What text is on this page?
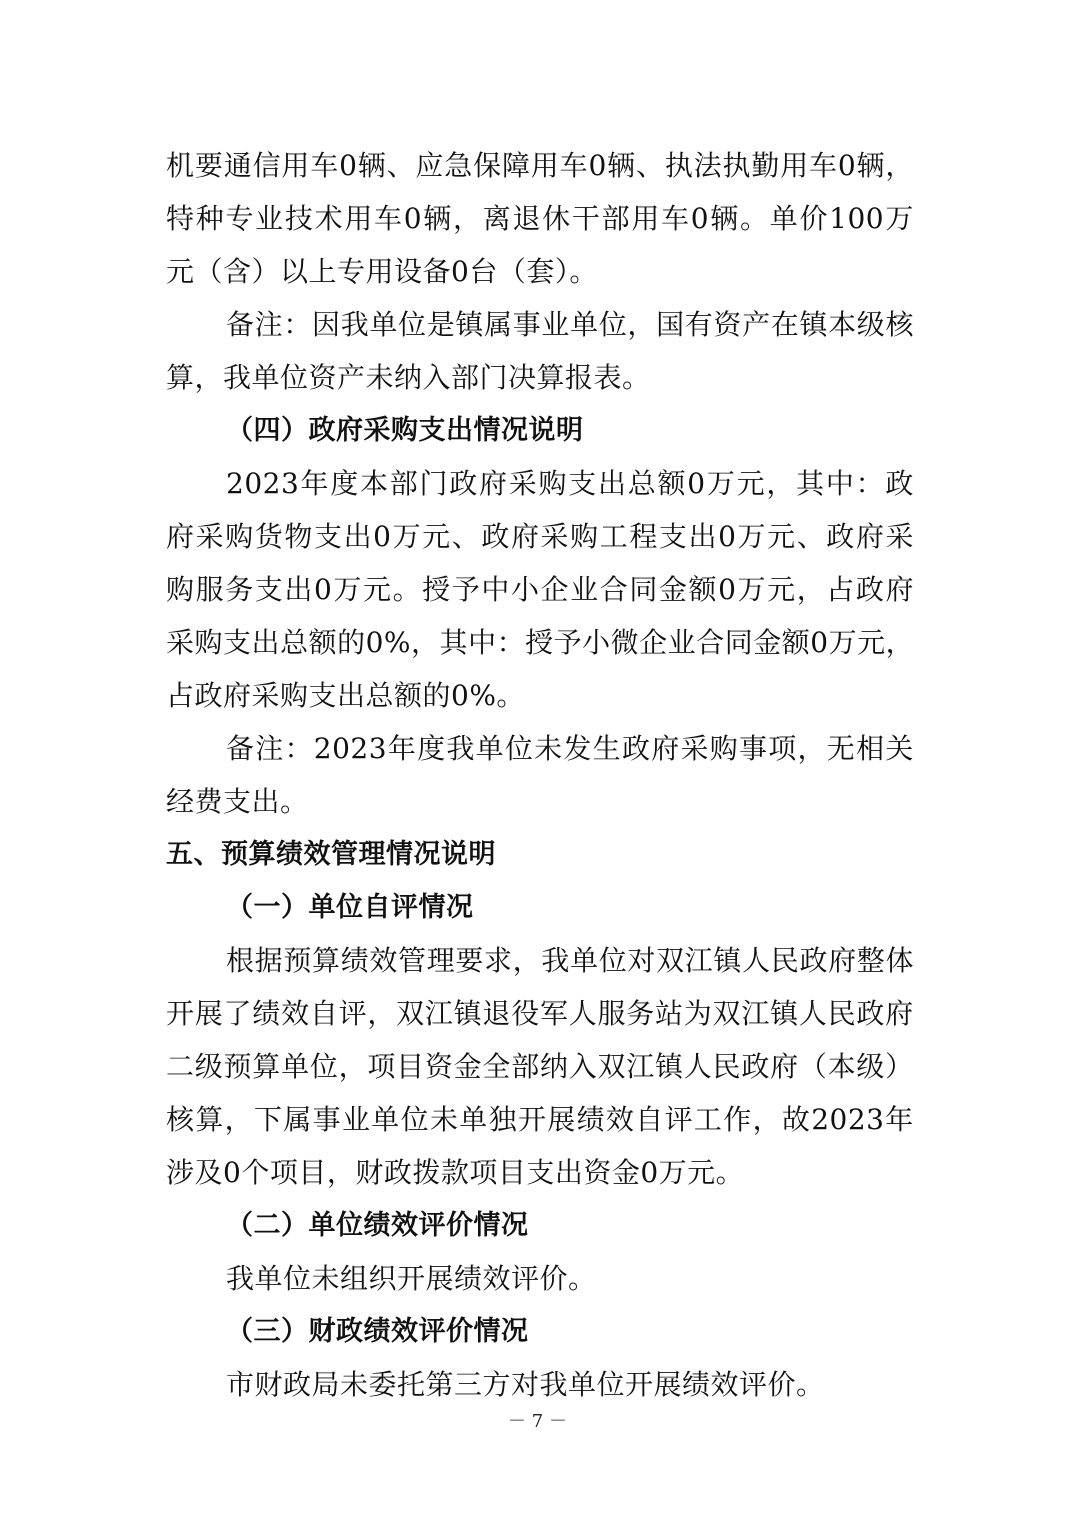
机 要 通 信 用 车 0 辆 、 应 急 保 障 用 车 0 辆 、 执 法 执 勤 用 车 0 辆 ，
特 种 专 业 技 术 用 车 0 辆 ， 离 退 休 干 部 用 车 0 辆 。 单 价 100 万
元（含）以上专用设备0台（套）。
备 注 ： 因 我 单 位 是 镇 属 事 业 单 位 ， 国 有 资 产 在 镇 本 级 核
算，我单位资产未纳入部门决算报表。
（四）政府采购支出情况说明
2023 年 度 本 部 门 政 府 采 购 支 出 总 额 0 万 元 ， 其 中 ： 政
府 采 购 货 物 支 出 0 万 元 、 政 府 采 购 工 程 支 出 0 万 元 、 政 府 采
购 服 务 支 出 0 万 元 。 授 予 中 小 企 业 合 同 金 额 0 万 元 ， 占 政 府
采 购 支 出 总 额 的 0% ， 其 中 ： 授 予 小 微 企 业 合 同 金 额 0 万 元 ，
占政府采购支出总额的0%。
备 注 ： 2023 年 度 我 单 位 未 发 生 政 府 采 购 事 项 ， 无 相 关
经费支出。
五、预算绩效管理情况说明
（一）单位自评情况
根 据 预 算 绩 效 管 理 要 求 ， 我 单 位 对 双 江 镇 人 民 政 府 整 体
开 展 了 绩 效 自 评 ， 双 江 镇 退 役 军 人 服 务 站 为 双 江 镇 人 民 政 府
二 级 预 算 单 位 ， 项 目 资 金 全 部 纳 入 双 江 镇 人 民 政 府 （ 本 级 ）
核 算 ， 下 属 事 业 单 位 未 单 独 开 展 绩 效 自 评 工 作 ， 故 2023 年
涉及0个项目，财政拨款项目支出资金0万元。
（二）单位绩效评价情况
我单位未组织开展绩效评价。
（三）财政绩效评价情况
市财政局未委托第三方对我单位开展绩效评价。
－ 7 －
